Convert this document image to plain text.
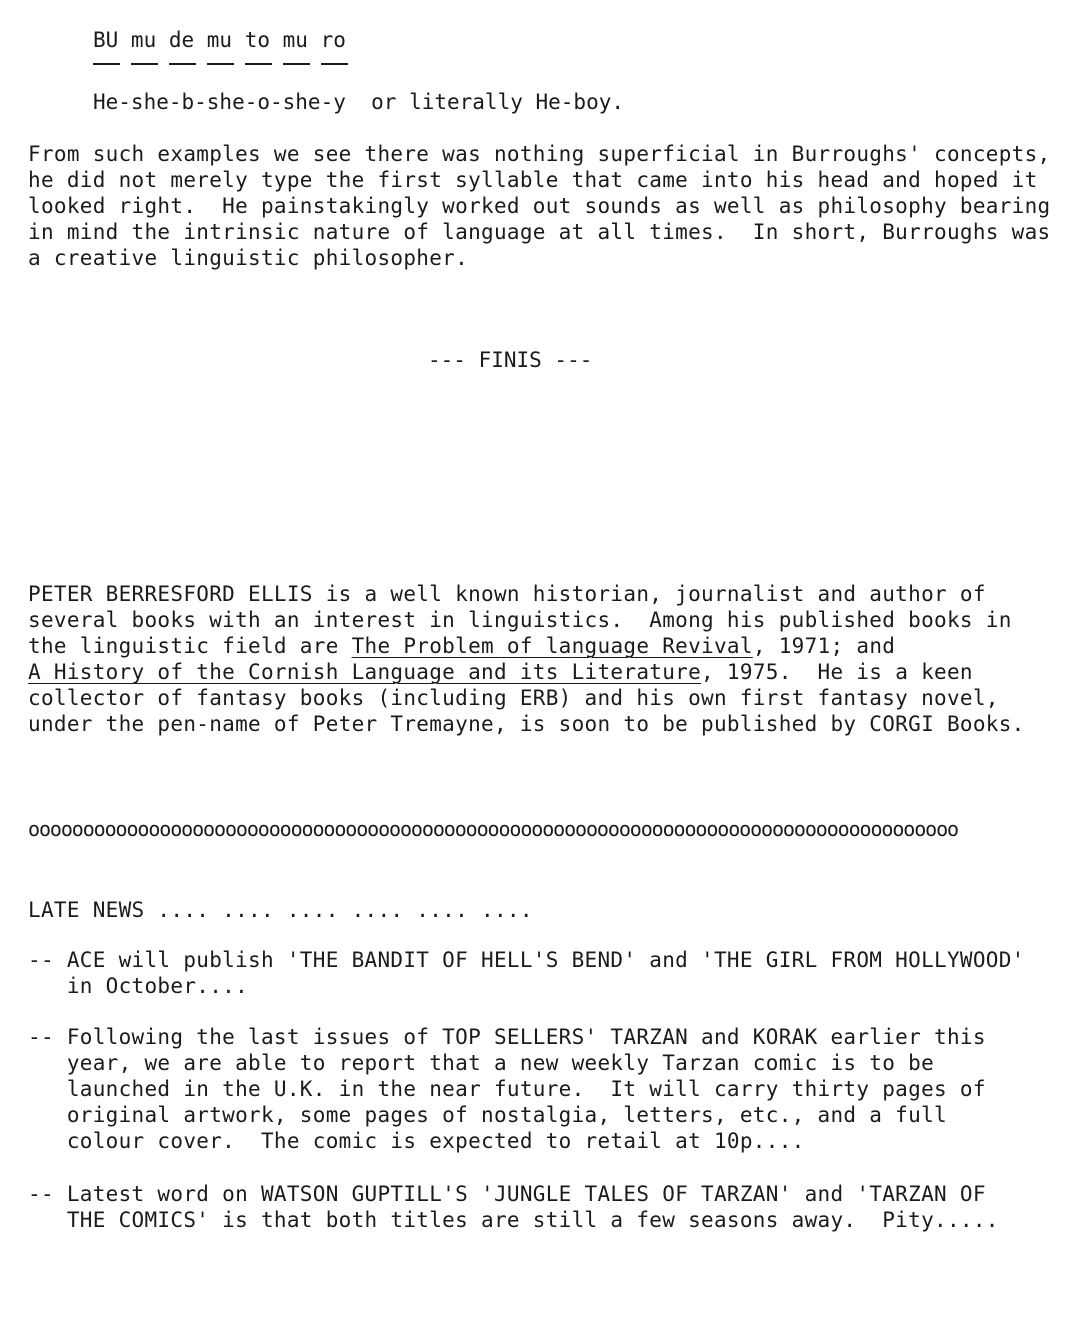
BU mu de mu to mu ro
He-she-b-she-o-she-y  or literally He-boy.
From such examples we see there was nothing superficial in Burroughs' concepts,
he did not merely type the first syllable that came into his head and hoped it
looked right.  He painstakingly worked out sounds as well as philosophy bearing
in mind the intrinsic nature of language at all times.  In short, Burroughs was
a creative linguistic philosopher.
--- FINIS ---
PETER BERRESFORD ELLIS is a well known historian, journalist and author of
several books with an interest in linguistics.  Among his published books in
the linguistic field are The Problem of language Revival, 1971; and
A History of the Cornish Language and its Literature, 1975.  He is a keen
collector of fantasy books (including ERB) and his own first fantasy novel,
under the pen-name of Peter Tremayne, is soon to be published by CORGI Books.
ooooooooooooooooooooooooooooooooooooooooooooooooooooooooooooooooooooooooooooooooooooo
LATE NEWS .... .... .... .... .... ....
-- ACE will publish 'THE BANDIT OF HELL'S BEND' and 'THE GIRL FROM HOLLYWOOD'
in October....
-- Following the last issues of TOP SELLERS' TARZAN and KORAK earlier this
year, we are able to report that a new weekly Tarzan comic is to be
launched in the U.K. in the near future.  It will carry thirty pages of
original artwork, some pages of nostalgia, letters, etc., and a full
colour cover.  The comic is expected to retail at 10p....
-- Latest word on WATSON GUPTILL'S 'JUNGLE TALES OF TARZAN' and 'TARZAN OF
THE COMICS' is that both titles are still a few seasons away.  Pity.....
